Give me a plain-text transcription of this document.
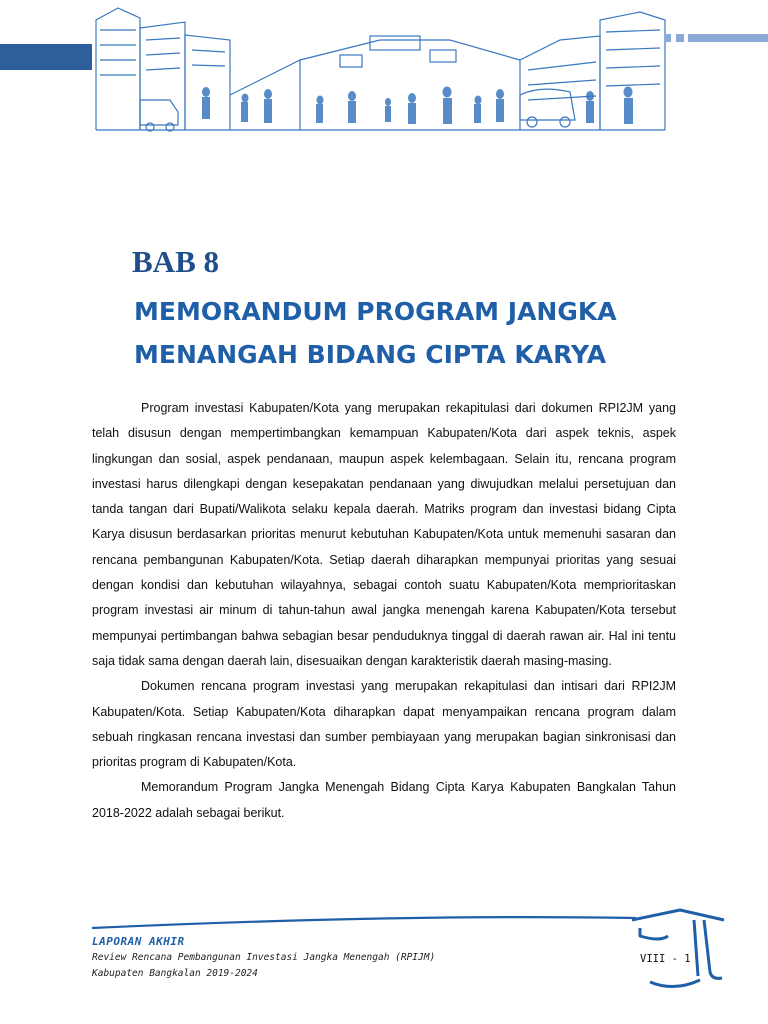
BAB 8
MEMORANDUM PROGRAM JANGKA
MENANGAH BIDANG CIPTA KARYA

Program investasi Kabupaten/Kota yang merupakan rekapitulasi dari dokumen RPI2JM yang telah disusun dengan mempertimbangkan kemampuan Kabupaten/Kota dari aspek teknis, aspek lingkungan dan sosial, aspek pendanaan, maupun aspek kelembagaan. Selain itu, rencana program investasi harus dilengkapi dengan kesepakatan pendanaan yang diwujudkan melalui persetujuan dan tanda tangan dari Bupati/Walikota selaku kepala daerah. Matriks program dan investasi bidang Cipta Karya disusun berdasarkan prioritas menurut kebutuhan Kabupaten/Kota untuk memenuhi sasaran dan rencana pembangunan Kabupaten/Kota. Setiap daerah diharapkan mempunyai prioritas yang sesuai dengan kondisi dan kebutuhan wilayahnya, sebagai contoh suatu Kabupaten/Kota memprioritaskan program investasi air minum di tahun-tahun awal jangka menengah karena Kabupaten/Kota tersebut mempunyai pertimbangan bahwa sebagian besar penduduknya tinggal di daerah rawan air. Hal ini tentu saja tidak sama dengan daerah lain, disesuaikan dengan karakteristik daerah masing-masing.

Dokumen rencana program investasi yang merupakan rekapitulasi dan intisari dari RPI2JM Kabupaten/Kota. Setiap Kabupaten/Kota diharapkan dapat menyampaikan rencana program dalam sebuah ringkasan rencana investasi dan sumber pembiayaan yang merupakan bagian sinkronisasi dan prioritas program di Kabupaten/Kota.

Memorandum Program Jangka Menengah Bidang Cipta Karya Kabupaten Bangkalan Tahun 2018-2022 adalah sebagai berikut.

LAPORAN AKHIR
Review Rencana Pembangunan Investasi Jangka Menengah (RPIJM)
Kabupaten Bangkalan 2019-2024
VIII - 1
